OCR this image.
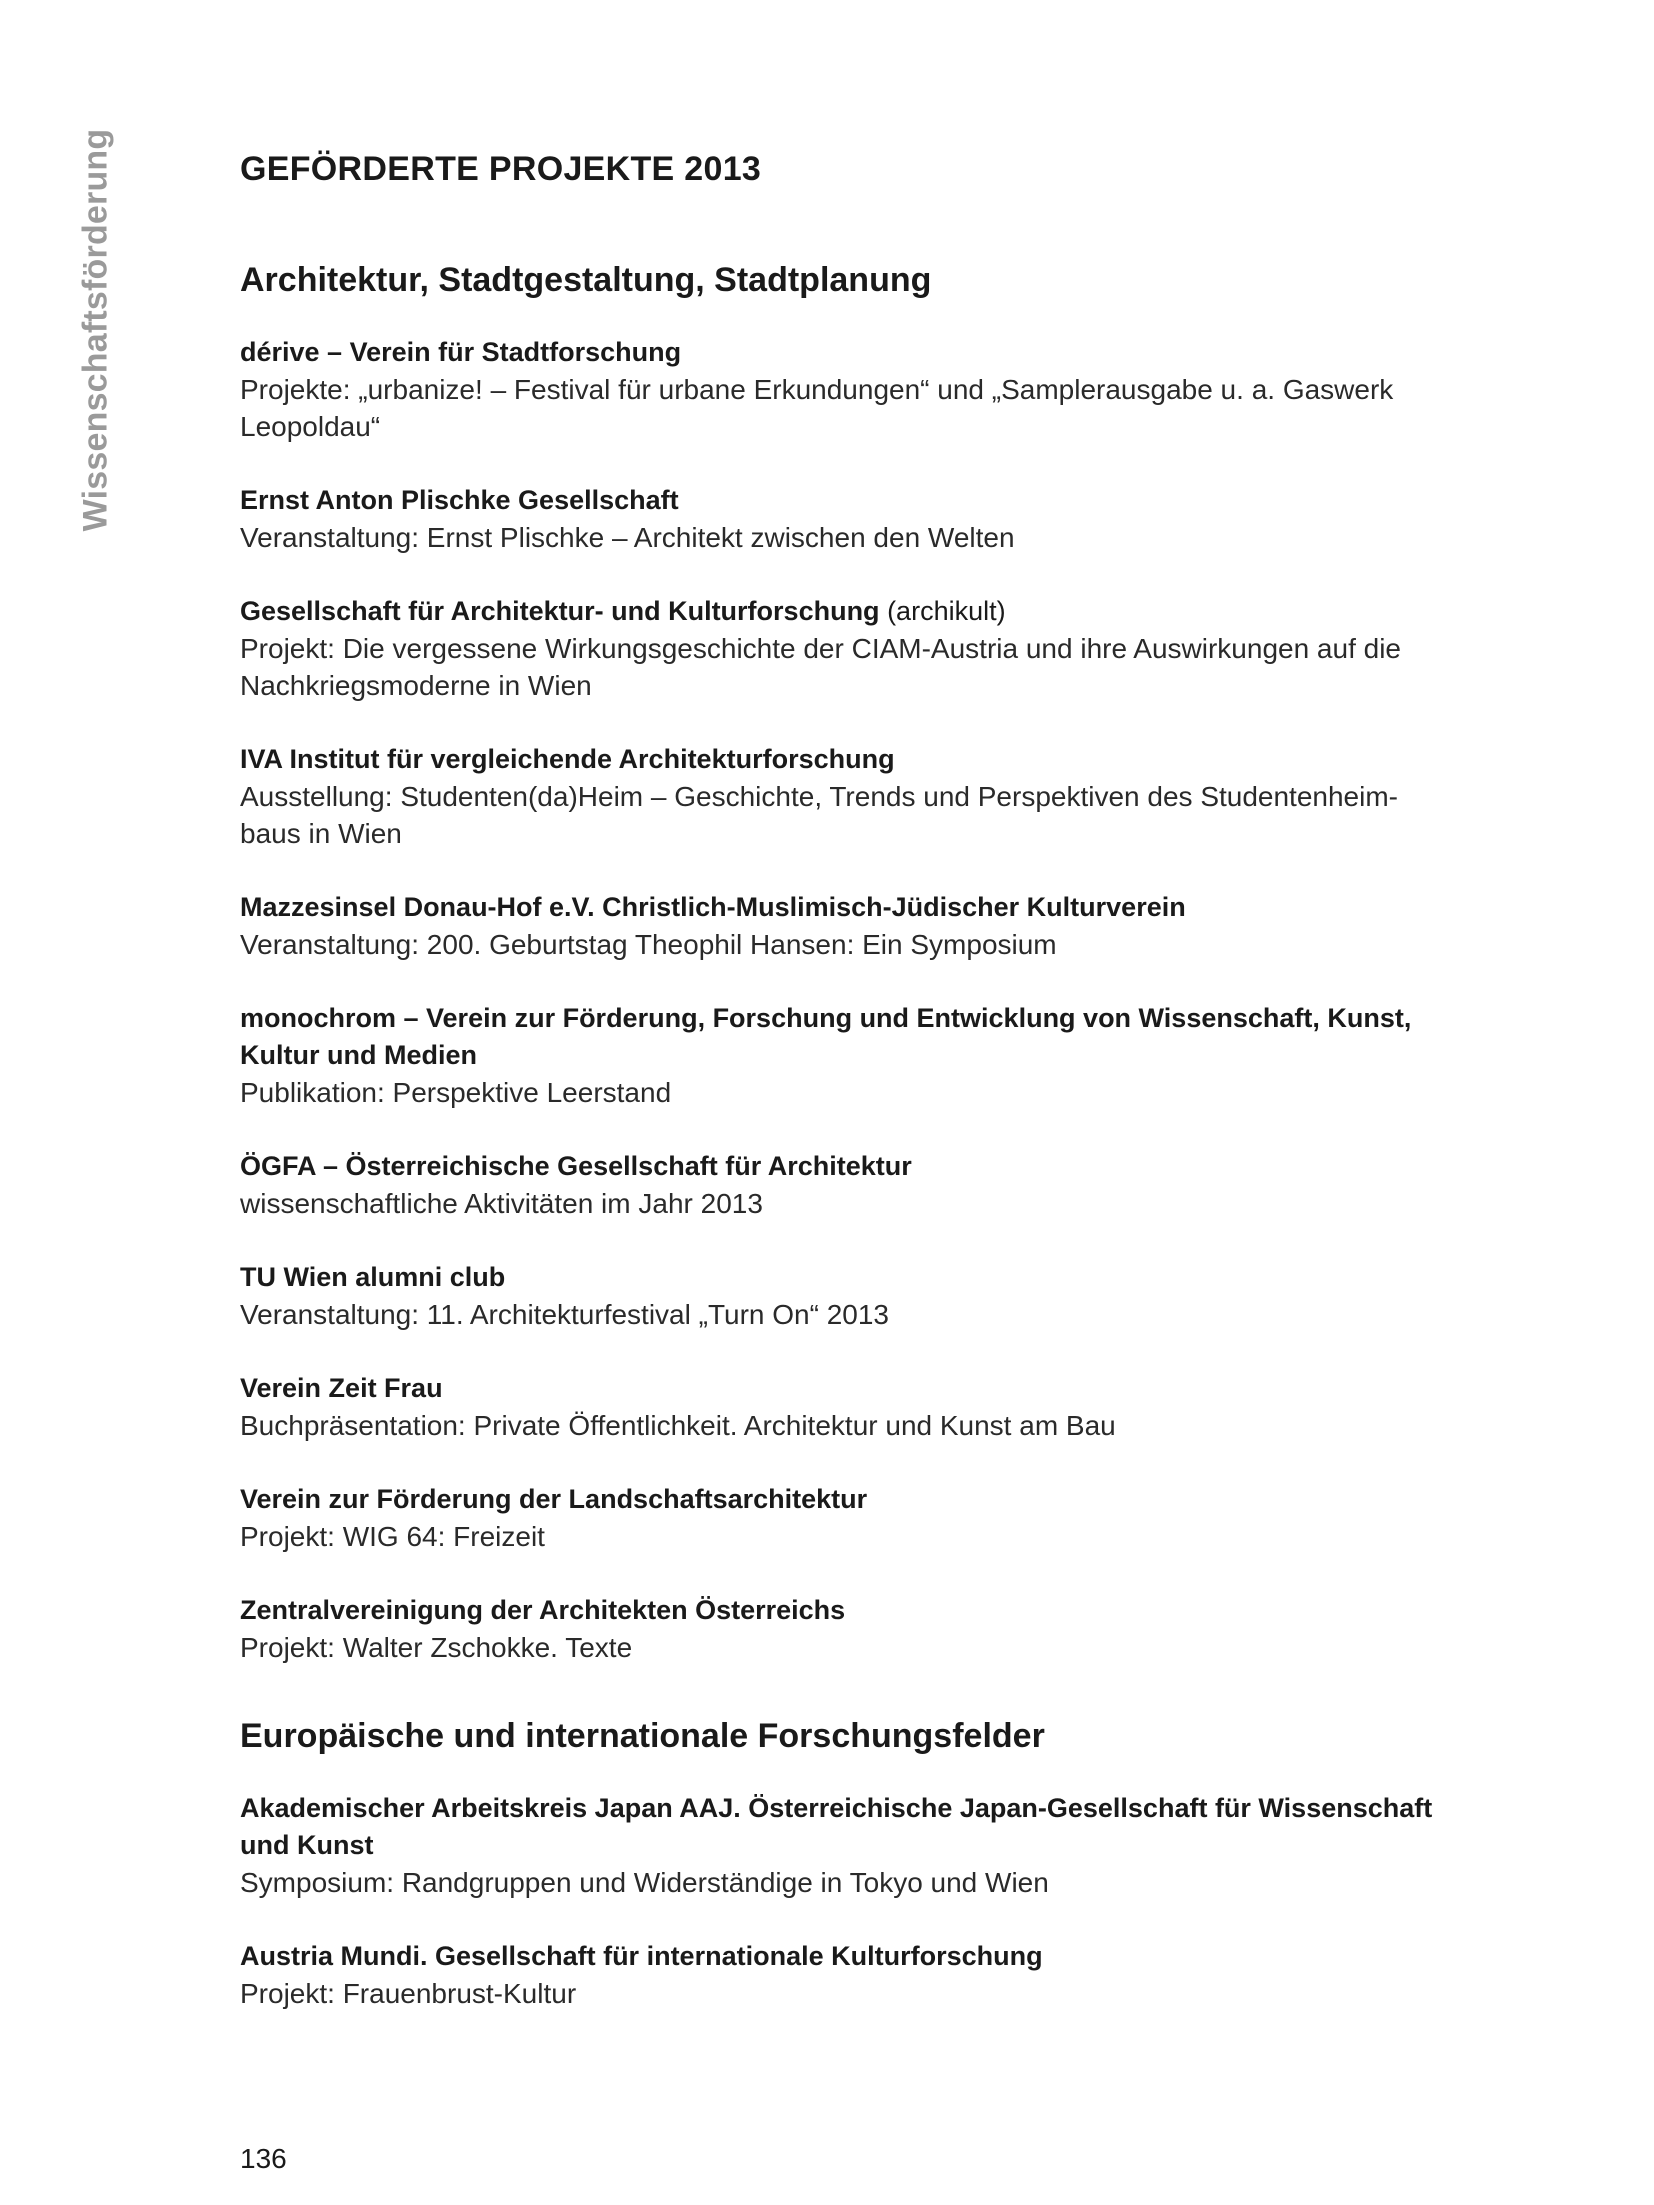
Wissenschaftsförderung	GEFÖRDERTE PROJEKTE 2013
Architektur, Stadtgestaltung, Stadtplanung
dérive – Verein für Stadtforschung
Projekte: „urbanize! – Festival für urbane Erkundungen“ und „Samplerausgabe u. a. Gaswerk Leopoldau“
Ernst Anton Plischke Gesellschaft
Veranstaltung: Ernst Plischke – Architekt zwischen den Welten
Gesellschaft für Architektur- und Kulturforschung (archikult)
Projekt: Die vergessene Wirkungsgeschichte der CIAM-Austria und ihre Auswirkungen auf die Nachkriegsmoderne in Wien
IVA Institut für vergleichende Architekturforschung
Ausstellung: Studenten(da)Heim – Geschichte, Trends und Perspektiven des Studentenheim-baus in Wien
Mazzesinsel Donau-Hof e.V. Christlich-Muslimisch-Jüdischer Kulturverein
Veranstaltung: 200. Geburtstag Theophil Hansen: Ein Symposium
monochrom – Verein zur Förderung, Forschung und Entwicklung von Wissenschaft, Kunst, Kultur und Medien
Publikation: Perspektive Leerstand
ÖGFA – Österreichische Gesellschaft für Architektur
wissenschaftliche Aktivitäten im Jahr 2013
TU Wien alumni club
Veranstaltung: 11. Architekturfestival „Turn On“ 2013
Verein Zeit Frau
Buchpräsentation: Private Öffentlichkeit. Architektur und Kunst am Bau
Verein zur Förderung der Landschaftsarchitektur
Projekt: WIG 64: Freizeit
Zentralvereinigung der Architekten Österreichs
Projekt: Walter Zschokke. Texte
Europäische und internationale Forschungsfelder
Akademischer Arbeitskreis Japan AAJ. Österreichische Japan-Gesellschaft für Wissenschaft und Kunst
Symposium: Randgruppen und Widerständige in Tokyo und Wien
Austria Mundi. Gesellschaft für internationale Kulturforschung
Projekt: Frauenbrust-Kultur
136
